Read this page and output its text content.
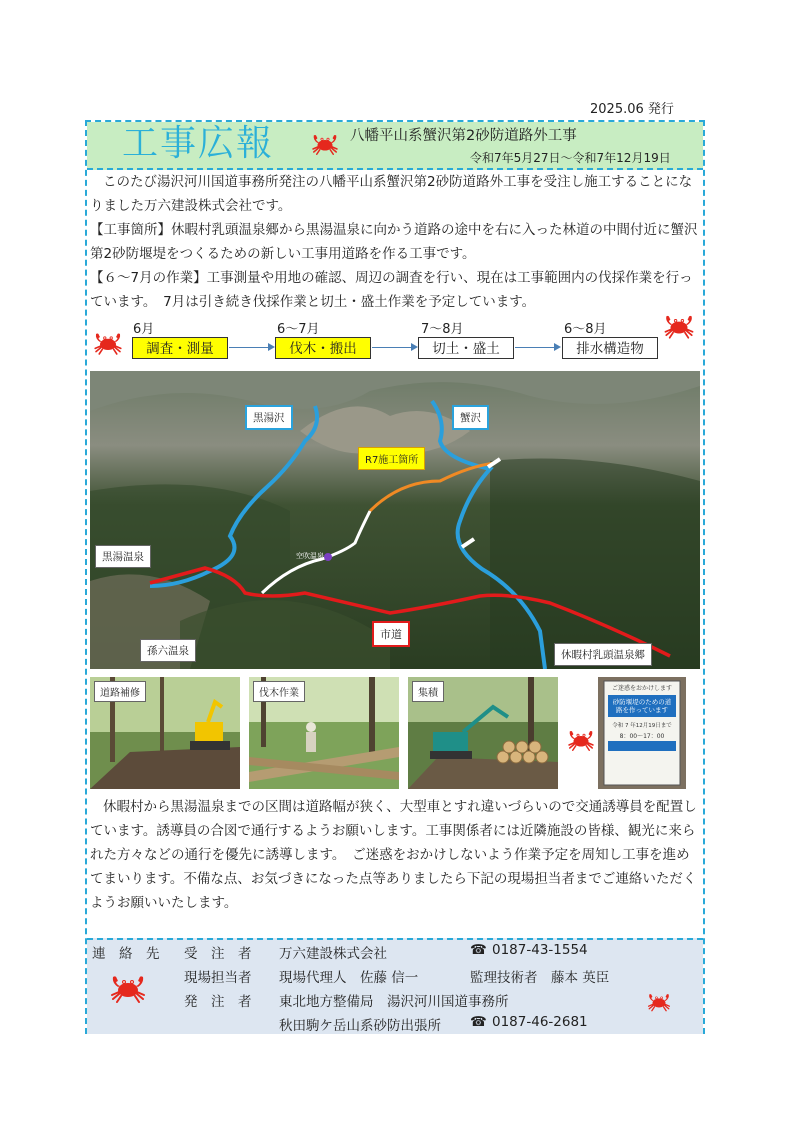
2025.06 発行
工事広報	八幡平山系蟹沢第2砂防道路外工事
令和7年5月27日～令和7年12月19日
このたび湯沢河川国道事務所発注の八幡平山系蟹沢第2砂防道路外工事を受注し施工することになりました万六建設株式会社です。
【工事箇所】休暇村乳頭温泉郷から黒湯温泉に向かう道路の途中を右に入った林道の中間付近に蟹沢第2砂防堰堤をつくるための新しい工事用道路を作る工事です。
【６～7月の作業】工事測量や用地の確認、周辺の調査を行い、現在は工事範囲内の伐採作業を行っています。　7月は引き続き伐採作業と切土・盛土作業を予定しています。
6月
調査・測量
6～7月
伐木・搬出
7～8月
切土・盛土
6～8月
排水構造物
黒湯沢	蟹沢
R7施工箇所
黒湯温泉
孫六温泉
市道
休暇村乳頭温泉郷
空吹温泉
道路補修	伐木作業	集積	ご迷惑をおかけします
砂防堰堤のための道路を作っています
令和 7 年12月19日まで
8：00～17：00
休暇村から黒湯温泉までの区間は道路幅が狭く、大型車とすれ違いづらいので交通誘導員を配置しています。誘導員の合図で通行するようお願いします。工事関係者には近隣施設の皆様、観光に来られた方々などの通行を優先に誘導します。　ご迷惑をおかけしないよう作業予定を周知し工事を進めてまいります。不備な点、お気づきになった点等ありましたら下記の現場担当者までご連絡いただくようお願いいたします。
連　絡　先 受　注　者 万六建設株式会社	☎ 0187-43-1554
現場担当者 現場代理人　佐藤 信一	監理技術者　藤本 英臣
発　注　者 東北地方整備局　湯沢河川国道事務所
秋田駒ケ岳山系砂防出張所 ☎ 0187-46-2681
